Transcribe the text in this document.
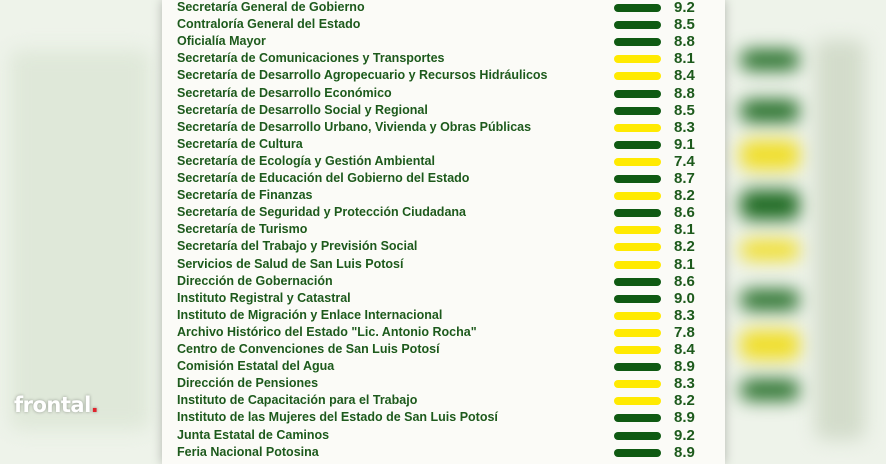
Secretaría General de Gobierno	9.2
Contraloría General del Estado	8.5
Oficialía Mayor	8.8
Secretaría de Comunicaciones y Transportes	8.1
Secretaría de Desarrollo Agropecuario y Recursos Hidráulicos	8.4
Secretaría de Desarrollo Económico	8.8
Secretaría de Desarrollo Social y Regional	8.5
Secretaría de Desarrollo Urbano, Vivienda y Obras Públicas	8.3
Secretaría de Cultura	9.1
Secretaría de Ecología y Gestión Ambiental	7.4
Secretaría de Educación del Gobierno del Estado	8.7
Secretaría de Finanzas	8.2
Secretaría de Seguridad y Protección Ciudadana	8.6
Secretaría de Turismo	8.1
Secretaría del Trabajo y Previsión Social	8.2
Servicios de Salud de San Luis Potosí	8.1
Dirección de Gobernación	8.6
Instituto Registral y Catastral	9.0
Instituto de Migración y Enlace Internacional	8.3
Archivo Histórico del Estado "Lic. Antonio Rocha"	7.8
Centro de Convenciones de San Luis Potosí	8.4
Comisión Estatal del Agua	8.9
Dirección de Pensiones	8.3
Instituto de Capacitación para el Trabajo	8.2
Instituto de las Mujeres del Estado de San Luis Potosí	8.9
Junta Estatal de Caminos	9.2
Feria Nacional Potosina	8.9
frontal.
